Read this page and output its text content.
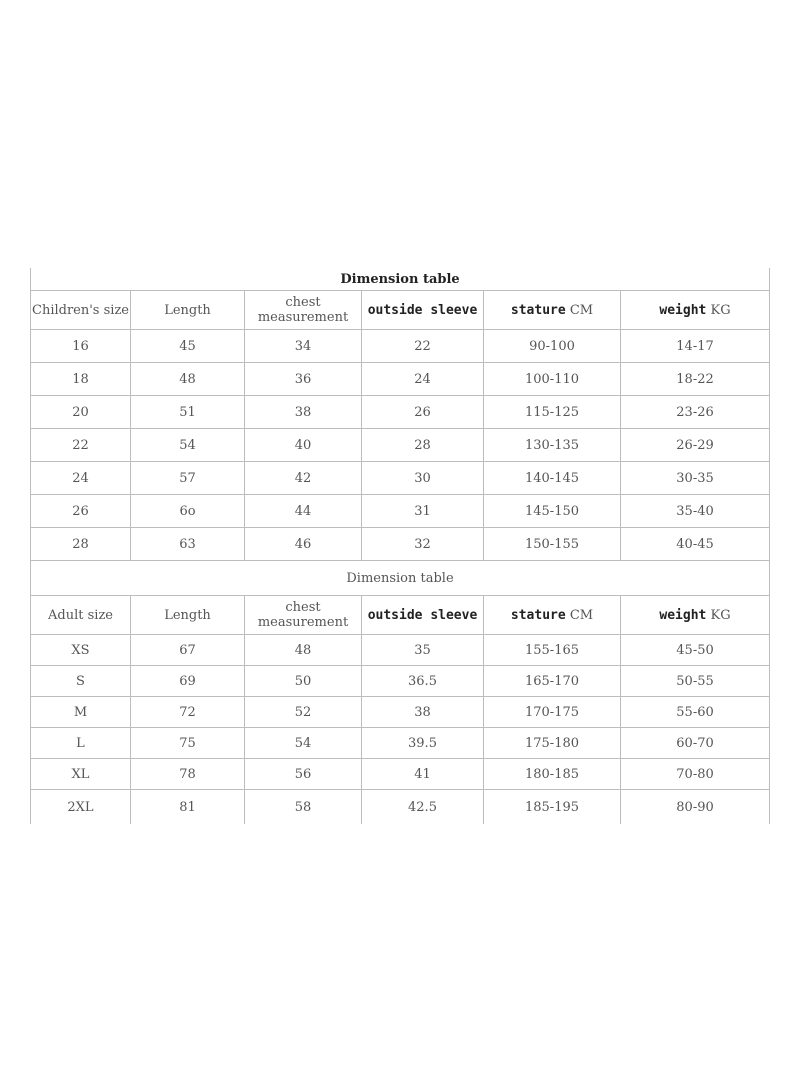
Dimension table					
Children's size	Length	chest measurement	outside sleeve	stature CM	weight KG
16	45	34	22	90-100	14-17
18	48	36	24	100-110	18-22
20	51	38	26	115-125	23-26
22	54	40	28	130-135	26-29
24	57	42	30	140-145	30-35
26	6o	44	31	145-150	35-40
28	63	46	32	150-155	40-45
Dimension table					
Adult size	Length	chest measurement	outside sleeve	stature CM	weight KG
XS	67	48	35	155-165	45-50
S	69	50	36.5	165-170	50-55
M	72	52	38	170-175	55-60
L	75	54	39.5	175-180	60-70
XL	78	56	41	180-185	70-80
2XL	81	58	42.5	185-195	80-90
